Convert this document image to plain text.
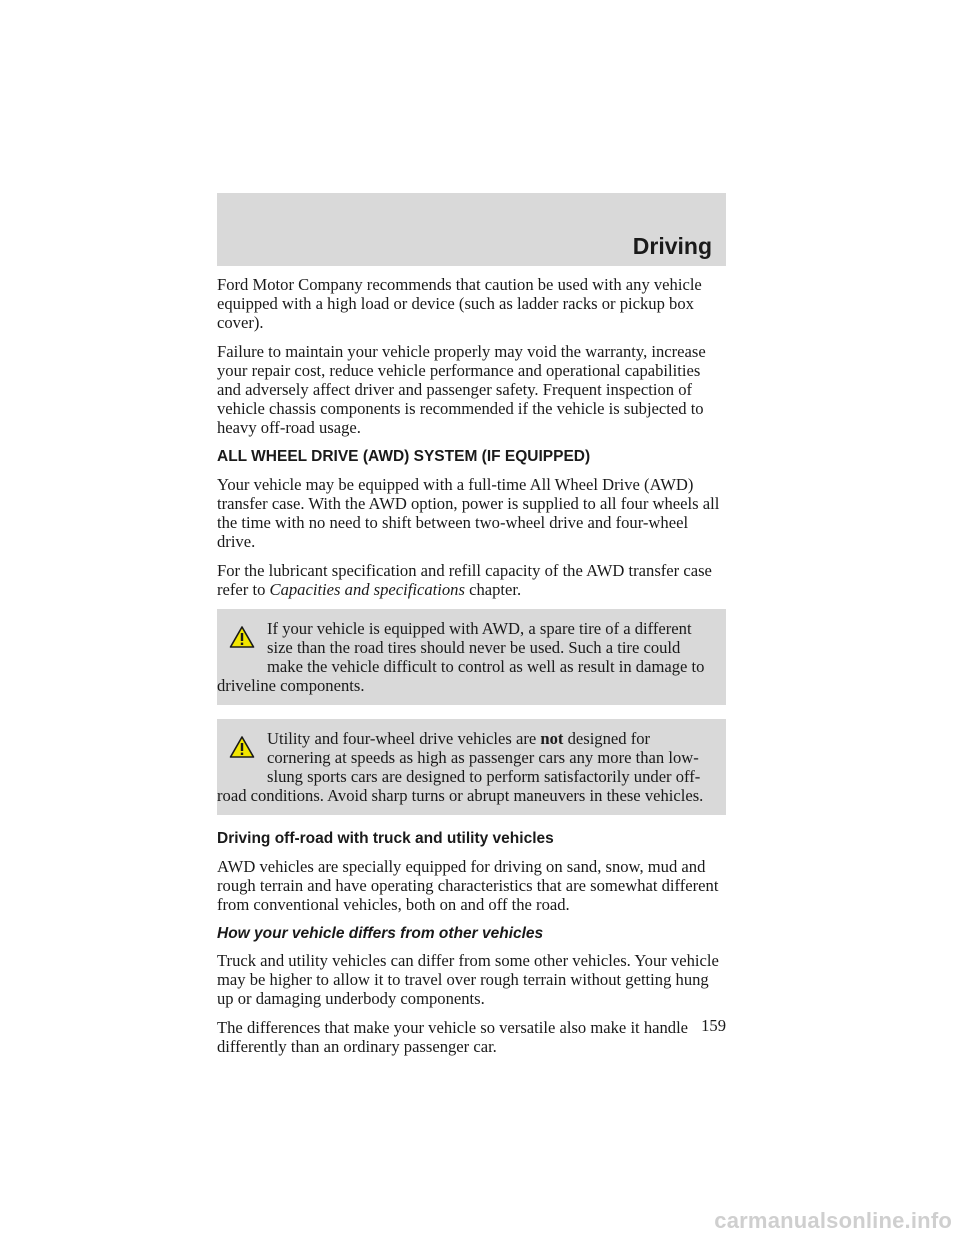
Driving

Ford Motor Company recommends that caution be used with any vehicle equipped with a high load or device (such as ladder racks or pickup box cover).

Failure to maintain your vehicle properly may void the warranty, increase your repair cost, reduce vehicle performance and operational capabilities and adversely affect driver and passenger safety. Frequent inspection of vehicle chassis components is recommended if the vehicle is subjected to heavy off-road usage.

ALL WHEEL DRIVE (AWD) SYSTEM (IF EQUIPPED)

Your vehicle may be equipped with a full-time All Wheel Drive (AWD) transfer case. With the AWD option, power is supplied to all four wheels all the time with no need to shift between two-wheel drive and four-wheel drive.

For the lubricant specification and refill capacity of the AWD transfer case refer to Capacities and specifications chapter.

If your vehicle is equipped with AWD, a spare tire of a different size than the road tires should never be used. Such a tire could make the vehicle difficult to control as well as result in damage to driveline components.

Utility and four-wheel drive vehicles are not designed for cornering at speeds as high as passenger cars any more than low-slung sports cars are designed to perform satisfactorily under off-road conditions. Avoid sharp turns or abrupt maneuvers in these vehicles.

Driving off-road with truck and utility vehicles

AWD vehicles are specially equipped for driving on sand, snow, mud and rough terrain and have operating characteristics that are somewhat different from conventional vehicles, both on and off the road.

How your vehicle differs from other vehicles

Truck and utility vehicles can differ from some other vehicles. Your vehicle may be higher to allow it to travel over rough terrain without getting hung up or damaging underbody components.

The differences that make your vehicle so versatile also make it handle differently than an ordinary passenger car.

159
carmanualsonline.info
